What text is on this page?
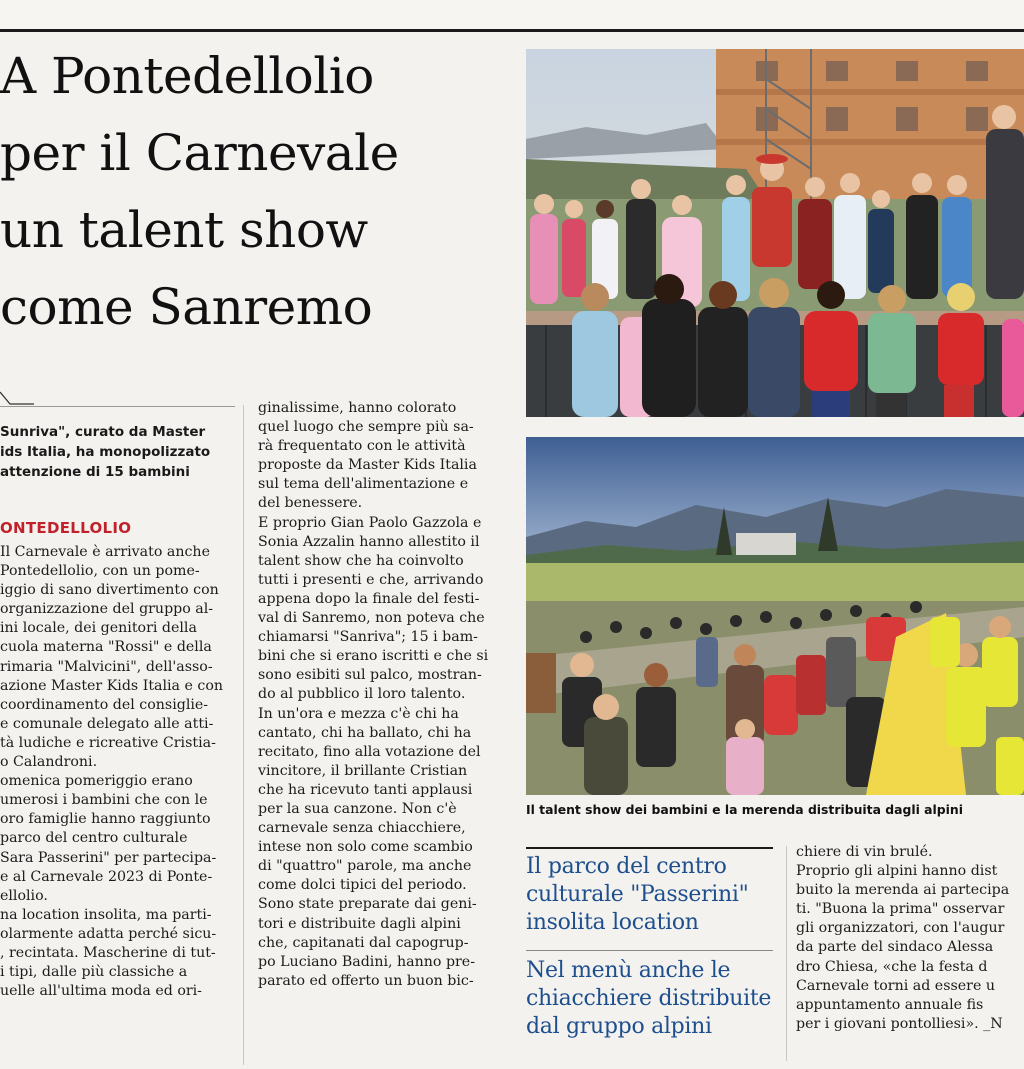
A Pontedellolio
per il Carnevale
un talent show
come Sanremo
Sunriva", curato da Master
ids Italia, ha monopolizzato
attenzione di 15 bambini
ONTEDELLOLIO
Il Carnevale è arrivato anche
Pontedellolio, con un pome-
iggio di sano divertimento con
organizzazione del gruppo al-
ini locale, dei genitori della
cuola materna "Rossi" e della
rimaria "Malvicini", dell'asso-
azione Master Kids Italia e con
coordinamento del consiglie-
e comunale delegato alle atti-
tà ludiche e ricreative Cristia-
o Calandroni.
omenica pomeriggio erano
umerosi i bambini che con le
oro famiglie hanno raggiunto
parco del centro culturale
Sara Passerini" per partecipa-
e al Carnevale 2023 di Ponte-
ellolio.
na location insolita, ma parti-
olarmente adatta perché sicu-
, recintata. Mascherine di tut-
i tipi, dalle più classiche a
uelle all'ultima moda ed ori-
ginalissime, hanno colorato
quel luogo che sempre più sa-
rà frequentato con le attività
proposte da Master Kids Italia
sul tema dell'alimentazione e
del benessere.
E proprio Gian Paolo Gazzola e
Sonia Azzalin hanno allestito il
talent show che ha coinvolto
tutti i presenti e che, arrivando
appena dopo la finale del festi-
val di Sanremo, non poteva che
chiamarsi "Sanriva"; 15 i bam-
bini che si erano iscritti e che si
sono esibiti sul palco, mostran-
do al pubblico il loro talento.
In un'ora e mezza c'è chi ha
cantato, chi ha ballato, chi ha
recitato, fino alla votazione del
vincitore, il brillante Cristian
che ha ricevuto tanti applausi
per la sua canzone. Non c'è
carnevale senza chiacchiere,
intese non solo come scambio
di "quattro" parole, ma anche
come dolci tipici del periodo.
Sono state preparate dai geni-
tori e distribuite dagli alpini
che, capitanati dal capogrup-
po Luciano Badini, hanno pre-
parato ed offerto un buon bic-
chiere di vin brulé.
Proprio gli alpini hanno dist
buito la merenda ai partecipa
ti. "Buona la prima" osservar
gli organizzatori, con l'augur
da parte del sindaco Alessa
dro Chiesa, «che la festa d
Carnevale torni ad essere u
appuntamento annuale fis
per i giovani pontolliesi». _N
Il talent show dei bambini e la merenda distribuita dagli alpini
Il parco del centro
culturale "Passerini"
insolita location
Nel menù anche le
chiacchiere distribuite
dal gruppo alpini
